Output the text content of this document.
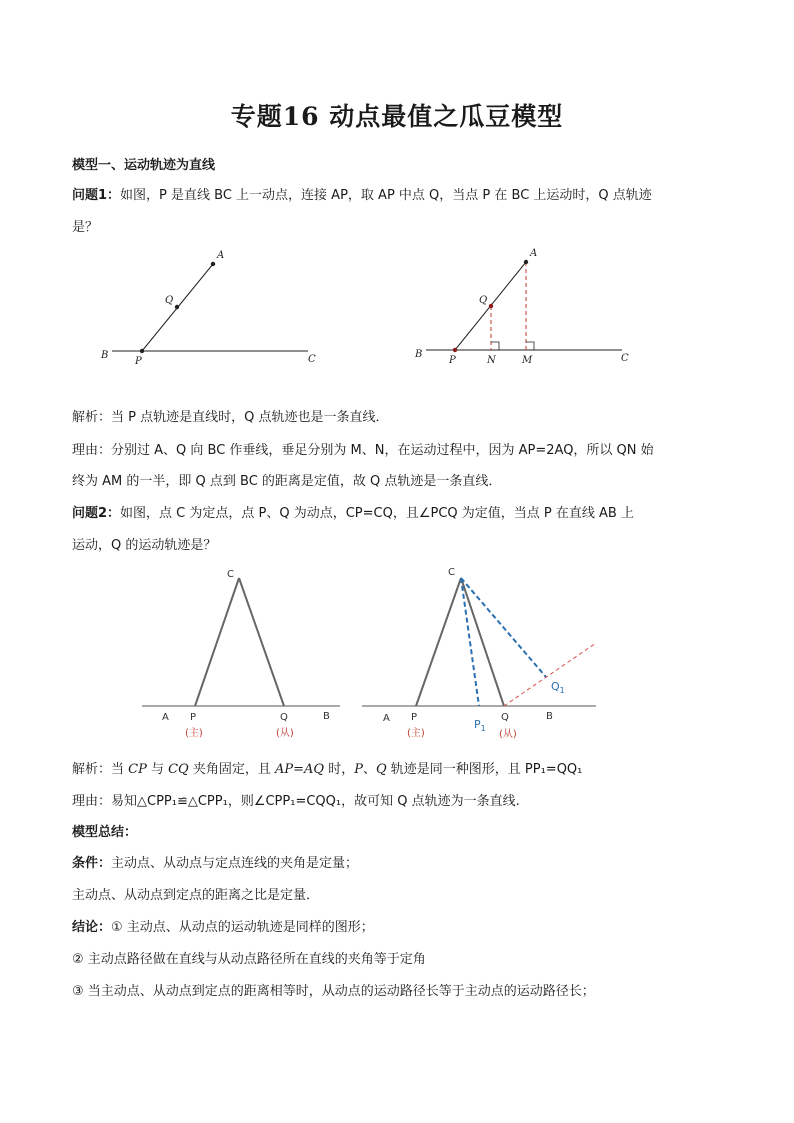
专题16 动点最值之瓜豆模型
模型一、运动轨迹为直线
问题1：如图，P 是直线 BC 上一动点，连接 AP，取 AP 中点 Q，当点 P 在 BC 上运动时，Q 点轨迹
是？
A
Q
B
P	C
A
Q
B
P	N	M	C
解析：当 P 点轨迹是直线时，Q 点轨迹也是一条直线．
理由：分别过 A、Q 向 BC 作垂线，垂足分别为 M、N，在运动过程中，因为 AP=2AQ，所以 QN 始
终为 AM 的一半，即 Q 点到 BC 的距离是定值，故 Q 点轨迹是一条直线．
问题2：如图，点 C 为定点，点 P、Q 为动点，CP=CQ，且∠PCQ 为定值，当点 P 在直线 AB 上
运动，Q 的运动轨迹是？
C
A P	Q	B
(主)	(从)
C
A P
$P_1$
Q	B
$Q_1$
(主)	(从)
解析：当 CP 与 CQ 夹角固定，且 AP=AQ 时，P、Q 轨迹是同一种图形，且 PP₁=QQ₁
理由：易知△CPP₁≌△CPP₁，则∠CPP₁=CQQ₁，故可知 Q 点轨迹为一条直线.
模型总结：
条件：主动点、从动点与定点连线的夹角是定量；
主动点、从动点到定点的距离之比是定量．
结论：① 主动点、从动点的运动轨迹是同样的图形；
② 主动点路径做在直线与从动点路径所在直线的夹角等于定角
③ 当主动点、从动点到定点的距离相等时，从动点的运动路径长等于主动点的运动路径长；
